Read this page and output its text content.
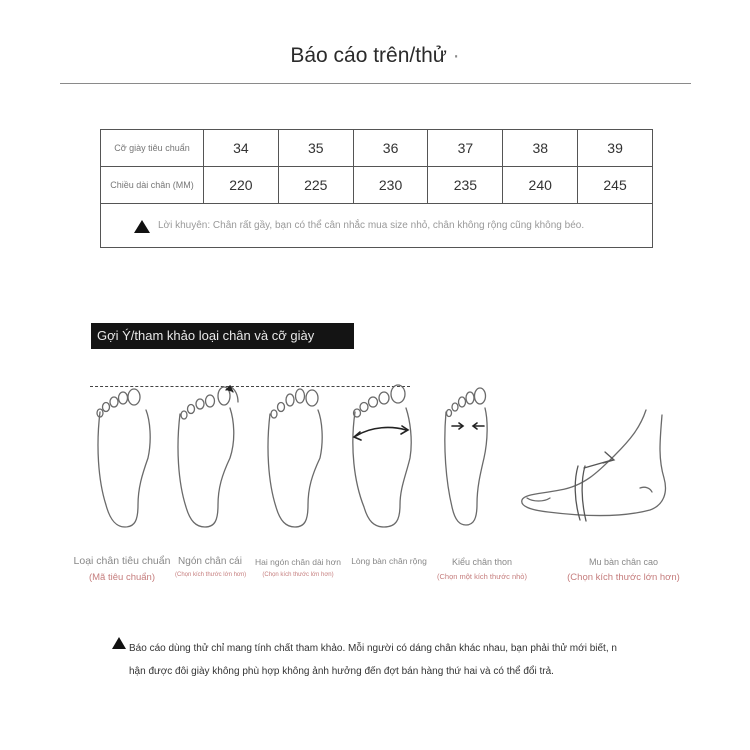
Báo cáo trên/thử ·
Cỡ giày tiêu chuẩn	34	35	36	37	38	39
Chiều dài chân (MM)	220	225	230	235	240	245

Lời khuyên: Chân rất gầy, bạn có thể cân nhắc mua size nhỏ, chân không rộng cũng không béo.						
Gợi Ý/tham khảo loại chân và cỡ giày
Loại chân tiêu chuẩn
(Mã tiêu chuẩn)
Ngón chân cái
(Chọn kích thước lớn hơn)
Hai ngón chân dài hơn
(Chọn kích thước lớn hơn)
Lòng bàn chân rộng	Kiểu chân thon
(Chọn một kích thước nhỏ)
Mu bàn chân cao
(Chọn kích thước lớn hơn)
Báo cáo dùng thử chỉ mang tính chất tham khảo. Mỗi người có dáng chân khác nhau, bạn phải thử mới biết, n
hận được đôi giày không phù hợp không ảnh hưởng đến đợt bán hàng thứ hai và có thể đổi trả.
